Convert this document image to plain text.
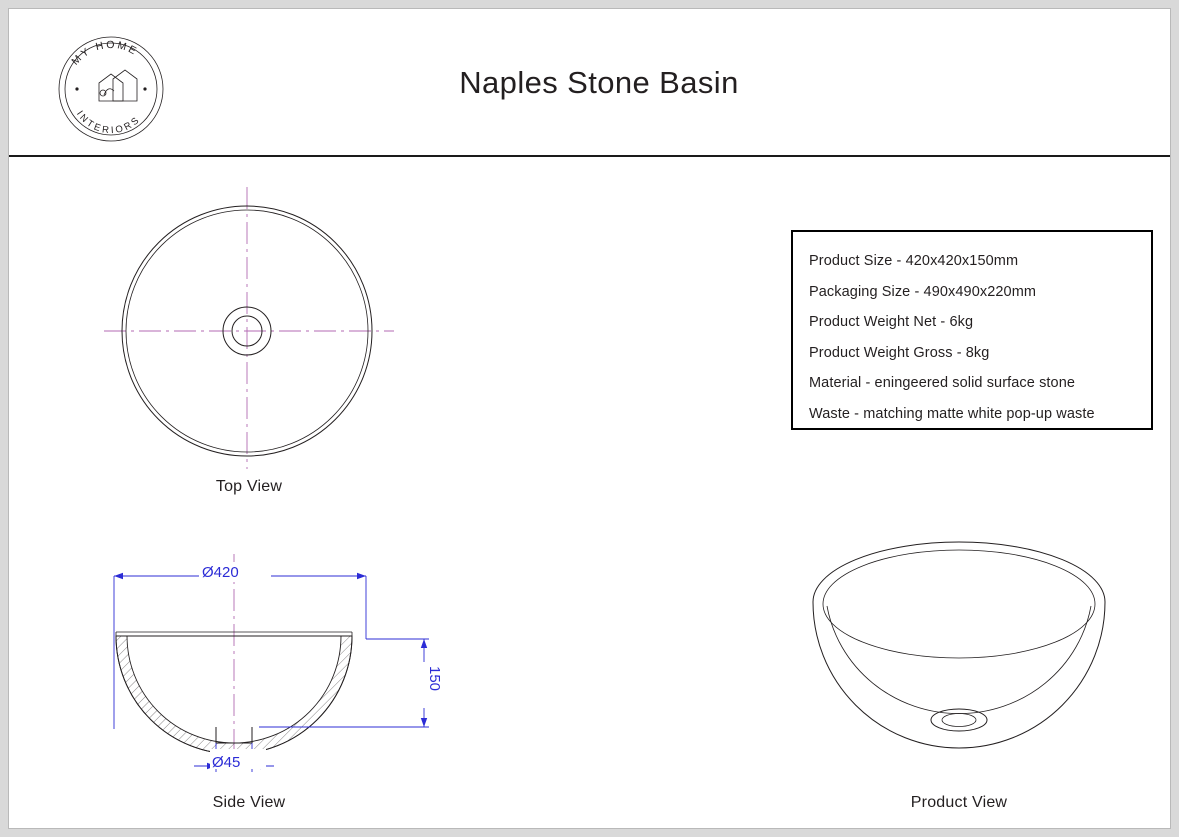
MY HOME
INTERIORS
Naples Stone Basin
Product Size - 420x420x150mm
Packaging Size - 490x490x220mm
Product Weight Net - 6kg
Product Weight Gross - 8kg
Material - eningeered solid surface stone
Waste - matching matte white pop-up waste
Top View
Ø420
150
Ø45
Side View	Product View
